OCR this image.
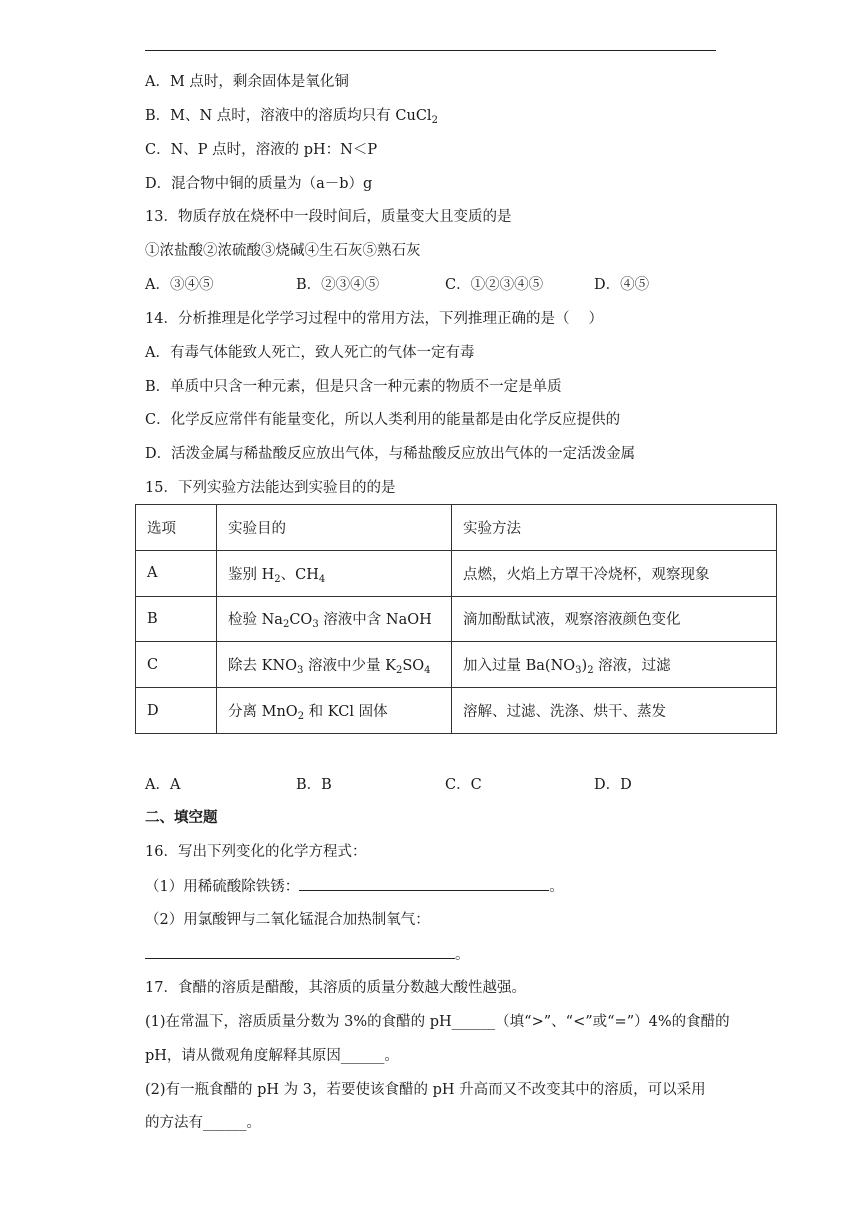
A．M 点时，剩余固体是氧化铜
B．M、N 点时，溶液中的溶质均只有 CuCl$_2$
C．N、P 点时，溶液的 pH：N＜P
D．混合物中铜的质量为（a－b）g
13．物质存放在烧杯中一段时间后，质量变大且变质的是
①浓盐酸②浓硫酸③烧碱④生石灰⑤熟石灰
A．③④⑤	B．②③④⑤	C．①②③④⑤	D．④⑤
14．分析推理是化学学习过程中的常用方法，下列推理正确的是（　 ）
A．有毒气体能致人死亡，致人死亡的气体一定有毒
B．单质中只含一种元素，但是只含一种元素的物质不一定是单质
C．化学反应常伴有能量变化，所以人类利用的能量都是由化学反应提供的
D．活泼金属与稀盐酸反应放出气体，与稀盐酸反应放出气体的一定活泼金属
15．下列实验方法能达到实验目的的是
选项	实验目的	实验方法
A	鉴别 $H_2$、$CH_4$	点燃，火焰上方罩干冷烧杯，观察现象
B	检验 $Na_2CO_3$ 溶液中含 NaOH	滴加酚酞试液，观察溶液颜色变化
C	除去 $KNO_3$ 溶液中少量 $K_2SO_4$	加入过量 $Ba(NO_3)_2$ 溶液，过滤
D	分离 MnO$_2$ 和 KCl 固体	溶解、过滤、洗涤、烘干、蒸发
A．A	B．B	C．C	D．D
二、填空题
16．写出下列变化的化学方程式：
（1）用稀硫酸除铁锈：	。
（2）用氯酸钾与二氧化锰混合加热制氧气：
。
17．食醋的溶质是醋酸，其溶质的质量分数越大酸性越强。
(1)在常温下，溶质质量分数为 3%的食醋的 pH______（填“>”、“<”或“=”）4%的食醋的
pH，请从微观角度解释其原因______。
(2)有一瓶食醋的 pH 为 3，若要使该食醋的 pH 升高而又不改变其中的溶质，可以采用
的方法有______。
